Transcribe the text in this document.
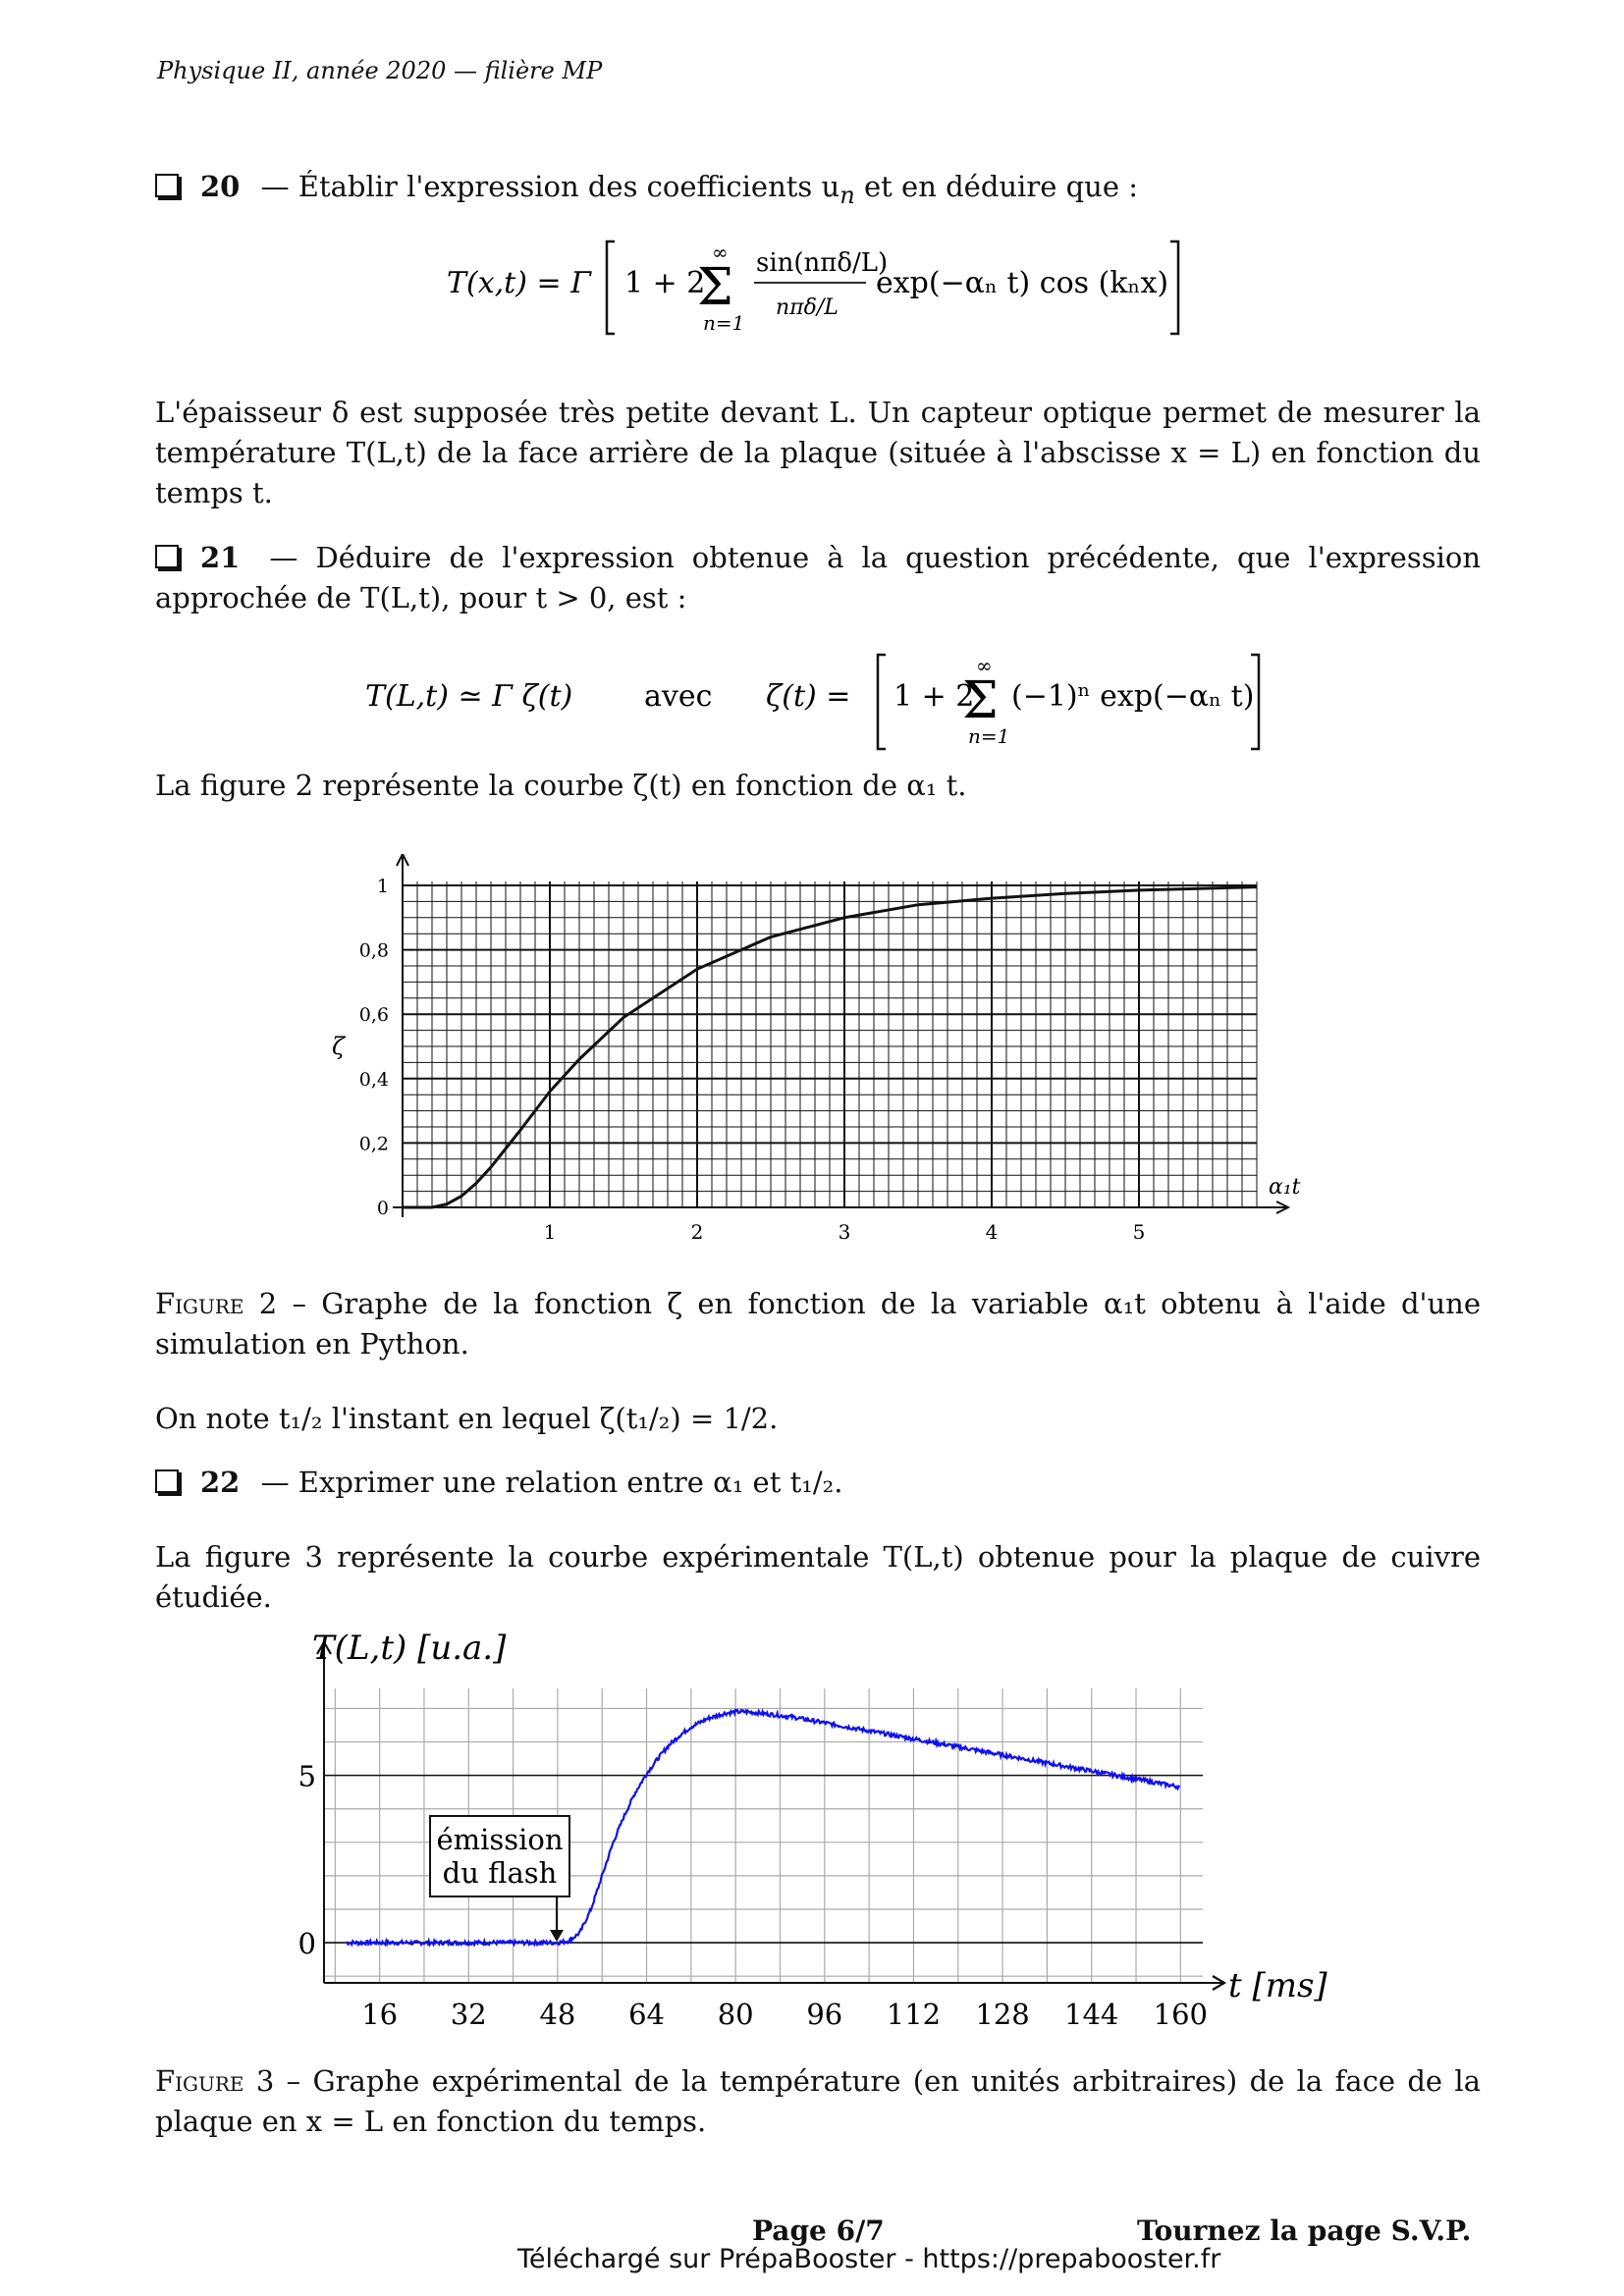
Physique II, année 2020 — filière MP
20 — Établir l'expression des coefficients $u_n$ et en déduire que :
T(x,t) = Γ 1 + 2
∞
Σ
n=1
sin(nπδ/L)
nπδ/L
exp(−αₙ t) cos (kₙx)
L'épaisseur δ est supposée très petite devant L. Un capteur optique permet de mesurer la température T(L,t) de la face arrière de la plaque (située à l'abscisse x = L) en fonction du temps t.
21 — Déduire de l'expression obtenue à la question précédente, que l'expression approchée de T(L,t), pour t > 0, est :
T(L,t) ≃ Γ ζ(t) avec ζ(t) = 1 + 2
∞
Σ
n=1
(−1)ⁿ exp(−αₙ t)
La figure 2 représente la courbe ζ(t) en fonction de α₁ t.
1	2	3	4	5
0
0,2
0,4
0,6
0,8
1
α₁t
ζ
Figure 2 – Graphe de la fonction ζ en fonction de la variable α₁t obtenu à l'aide d'une simulation en Python.
On note t₁/₂ l'instant en lequel ζ(t₁/₂) = 1/2.
22 — Exprimer une relation entre α₁ et t₁/₂.
La figure 3 représente la courbe expérimentale T(L,t) obtenue pour la plaque de cuivre étudiée.
16 32 48 64 80 96 112 128 144 160
0
5
t [ms]
T(L,t) [u.a.]
émission
du flash
Figure 3 – Graphe expérimental de la température (en unités arbitraires) de la face de la plaque en x = L en fonction du temps.
Page 6/7	Tournez la page S.V.P.
Téléchargé sur PrépaBooster - https://prepabooster.fr
